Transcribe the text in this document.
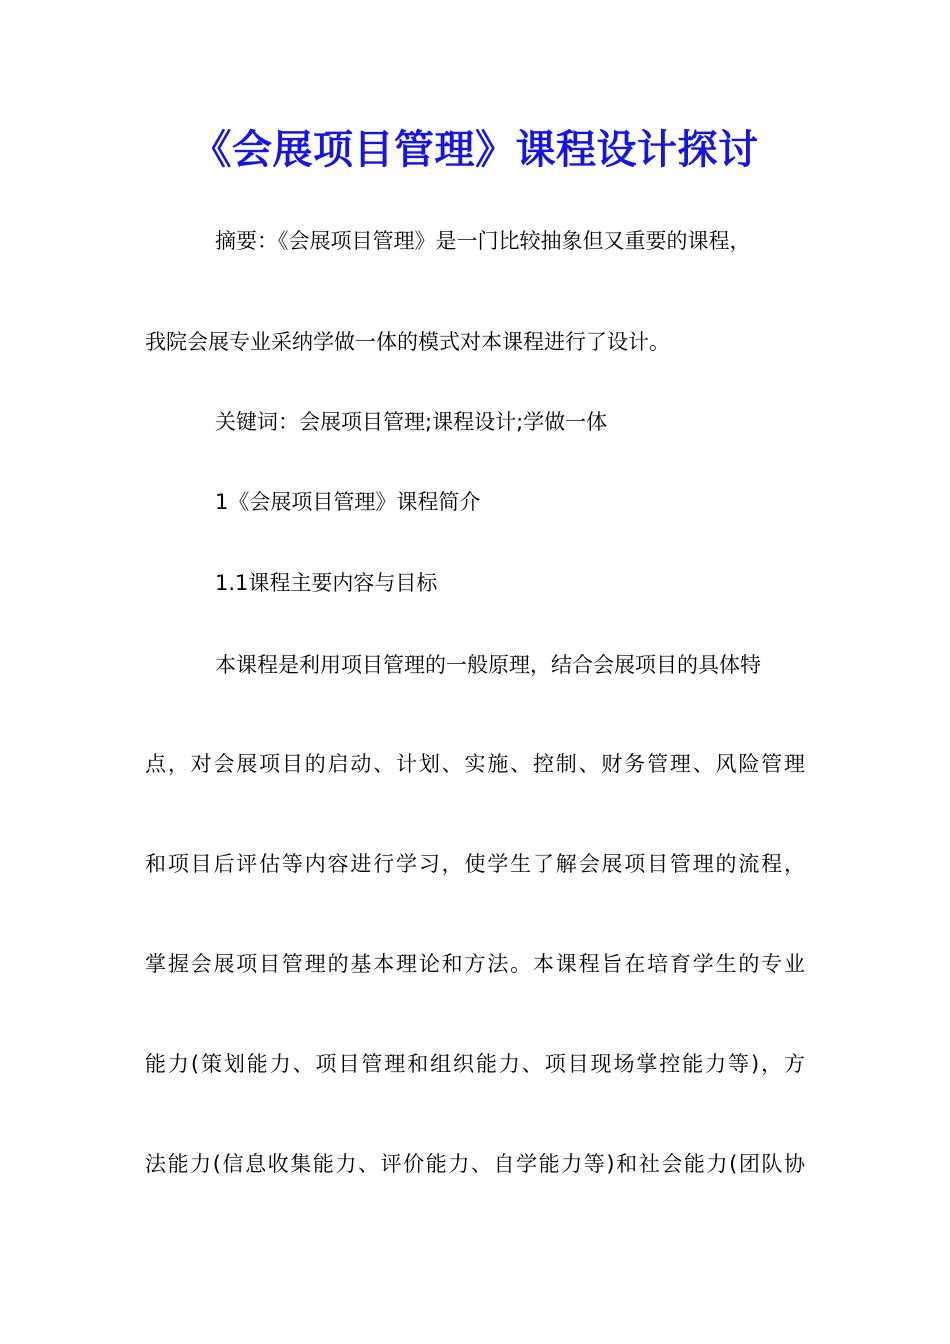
《会展项目管理》课程设计探讨
摘要：《会展项目管理》是一门比较抽象但又重要的课程，
我院会展专业采纳学做一体的模式对本课程进行了设计。
关键词：会展项目管理;课程设计;学做一体
1《会展项目管理》课程简介
1.1课程主要内容与目标
本课程是利用项目管理的一般原理，结合会展项目的具体特
点，对会展项目的启动、计划、实施、控制、财务管理、风险管理
和项目后评估等内容进行学习，使学生了解会展项目管理的流程，
掌握会展项目管理的基本理论和方法。本课程旨在培育学生的专业
能力(策划能力、项目管理和组织能力、项目现场掌控能力等)，方
法能力(信息收集能力、评价能力、自学能力等)和社会能力(团队协
